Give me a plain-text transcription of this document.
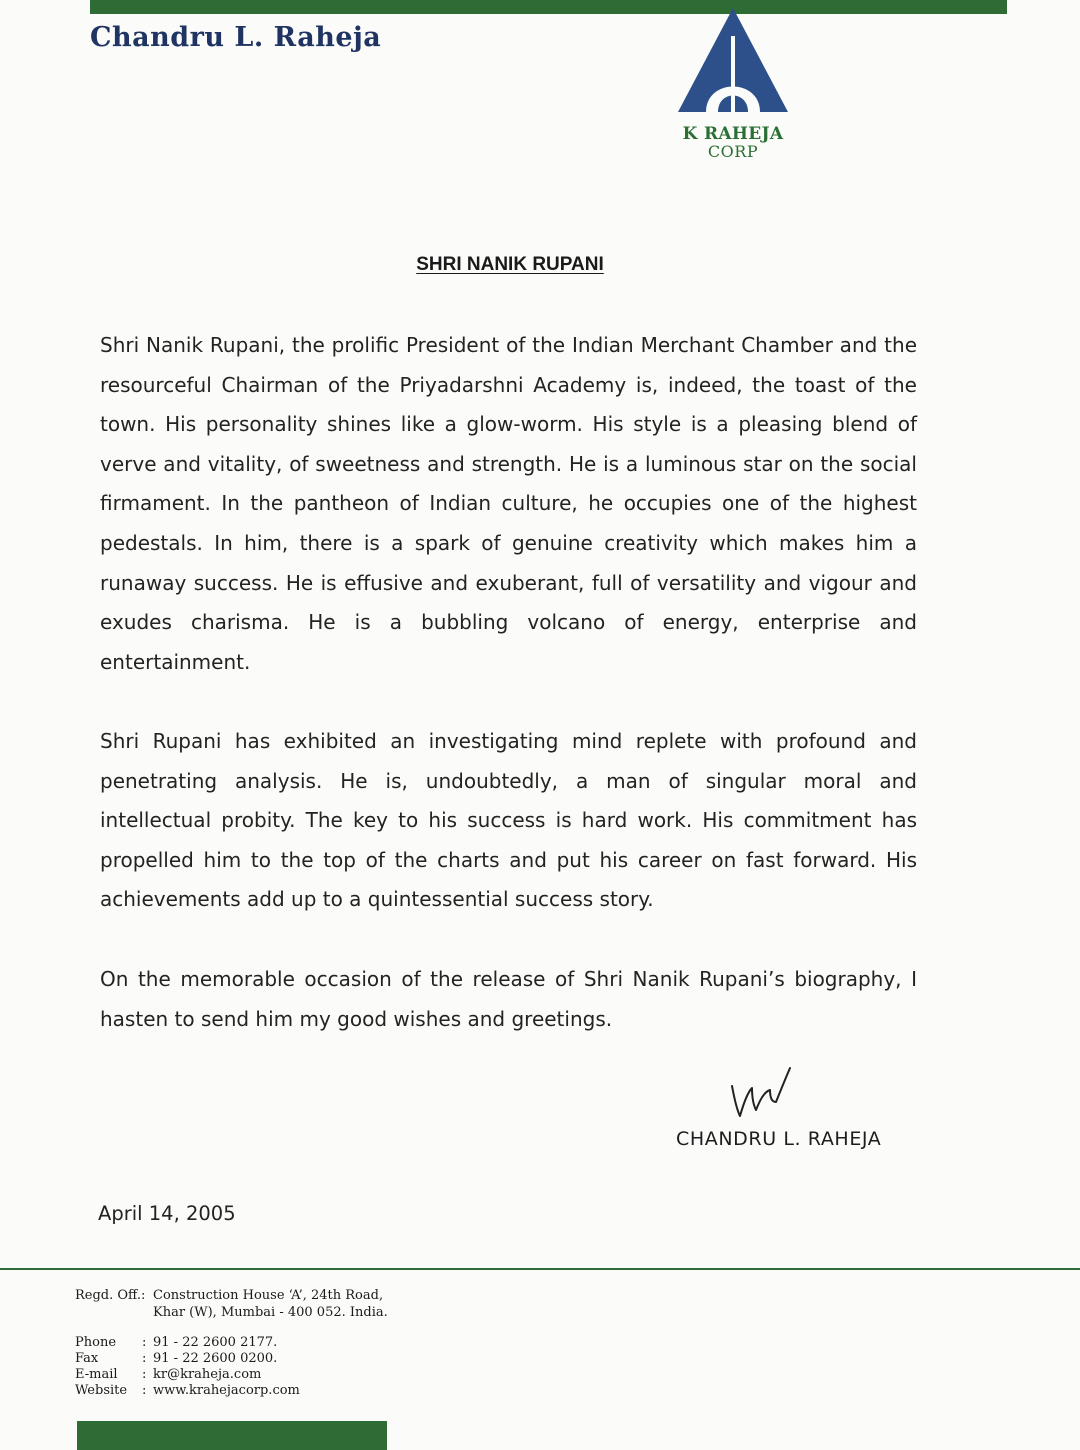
Chandru L. Raheja
K RAHEJA
CORP
SHRI NANIK RUPANI

Shri Nanik Rupani, the prolific President of the Indian Merchant Chamber and the resourceful Chairman of the Priyadarshni Academy is, indeed, the toast of the town. His personality shines like a glow-worm. His style is a pleasing blend of verve and vitality, of sweetness and strength. He is a luminous star on the social firmament. In the pantheon of Indian culture, he occupies one of the highest pedestals. In him, there is a spark of genuine creativity which makes him a runaway success. He is effusive and exuberant, full of versatility and vigour and exudes charisma. He is a bubbling volcano of energy, enterprise and entertainment.

Shri Rupani has exhibited an investigating mind replete with profound and penetrating analysis. He is, undoubtedly, a man of singular moral and intellectual probity. The key to his success is hard work. His commitment has propelled him to the top of the charts and put his career on fast forward. His achievements add up to a quintessential success story.

On the memorable occasion of the release of Shri Nanik Rupani’s biography, I hasten to send him my good wishes and greetings.

CHANDRU L. RAHEJA
April 14, 2005
Regd. Off.: Construction House ‘A’, 24th Road,
Khar (W), Mumbai - 400 052. India.
Phone : 91 - 22 2600 2177.
Fax	: 91 - 22 2600 0200.
E-mail : kr@kraheja.com
Website : www.krahejacorp.com
